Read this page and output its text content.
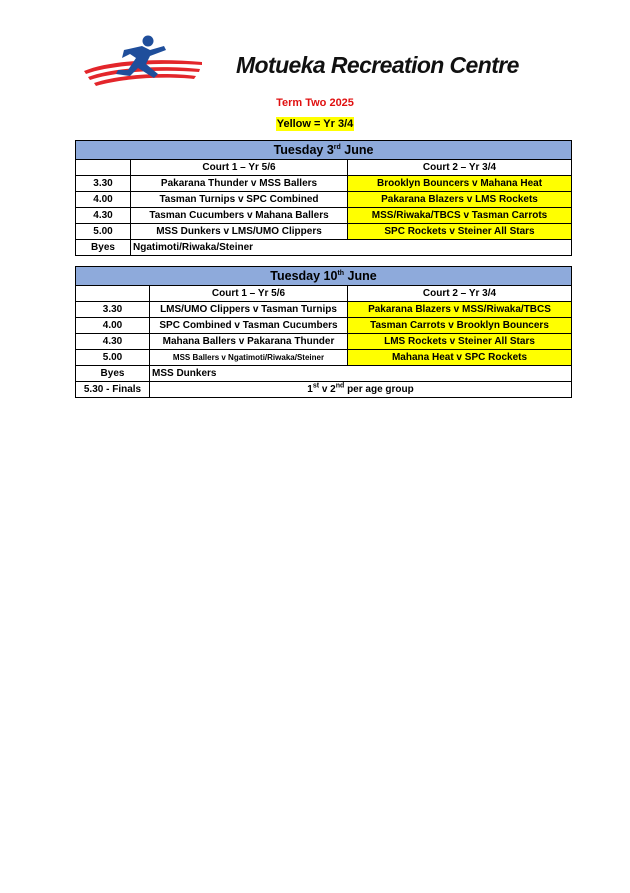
Motueka Recreation Centre
Term Two 2025
Yellow = Yr 3/4
Tuesday 3rd June		
	Court 1 – Yr 5/6	Court 2 – Yr 3/4
3.30	Pakarana Thunder v MSS Ballers	Brooklyn Bouncers v Mahana Heat
4.00	Tasman Turnips v SPC Combined	Pakarana Blazers v LMS Rockets
4.30	Tasman Cucumbers v Mahana Ballers	MSS/Riwaka/TBCS v Tasman Carrots
5.00	MSS Dunkers v LMS/UMO Clippers	SPC Rockets v Steiner All Stars
Byes	Ngatimoti/Riwaka/Steiner	
Tuesday 10th June		
	Court 1 – Yr 5/6	Court 2 – Yr 3/4
3.30	LMS/UMO Clippers v Tasman Turnips	Pakarana Blazers v MSS/Riwaka/TBCS
4.00	SPC Combined v Tasman Cucumbers	Tasman Carrots v Brooklyn Bouncers
4.30	Mahana Ballers v Pakarana Thunder	LMS Rockets v Steiner All Stars
5.00	MSS Ballers v Ngatimoti/Riwaka/Steiner	Mahana Heat v SPC Rockets
Byes	MSS Dunkers	
5.30 - Finals	1st v 2nd per age group	
